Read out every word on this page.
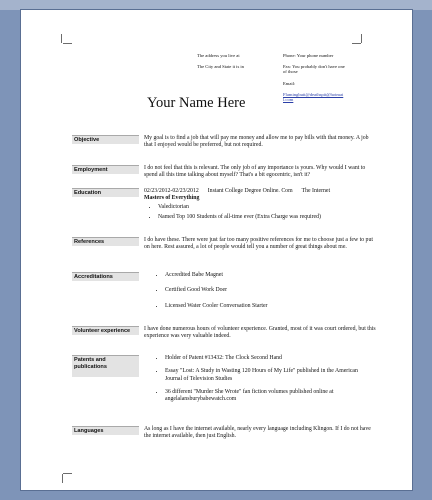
The address you live at

The City and State it is in

Phone: Your phone number

Fax: You probably don't have one of those

Email:

Flamingbutt@deathspit@hotmail.com

Your Name Here
Objective	My goal is to find a job that will pay me money and allow me to pay bills with that money. A job that I enjoyed would be preferred, but not required.
Employment	I do not feel that this is relevant. The only job of any importance is yours. Why would I want to spend all this time talking about myself? That's a bit egocentric, isn't it?
Education	02/23/2012-02/23/2012 Instant College Degree Online. Com The Internet
Masters of Everything
• Valedictorian
• Named Top 100 Students of all-time ever (Extra Charge was required)
References	I do have these. There were just far too many positive references for me to choose just a few to put on here. Rest assured, a lot of people would tell you a number of great things about me.
Accreditations
•	Accredited Babe Magnet
• Certified Good Work Doer
• Licensed Water Cooler Conversation Starter
Volunteer experience	I have done numerous hours of volunteer experience. Granted, most of it was court ordered, but this experience was very valuable indeed.
Patents and publications
• Holder of Patent #13432: The Clock Second Hand
• Essay "Lost: A Study in Wasting 120 Hours of My Life" published in the American Journal of Television Studies
• 36 different "Murder She Wrote" fan fiction volumes published online at angelalansburybabewatch.com
Languages	As long as I have the internet available, nearly every language including Klingon. If I do not have the internet available, then just English.
